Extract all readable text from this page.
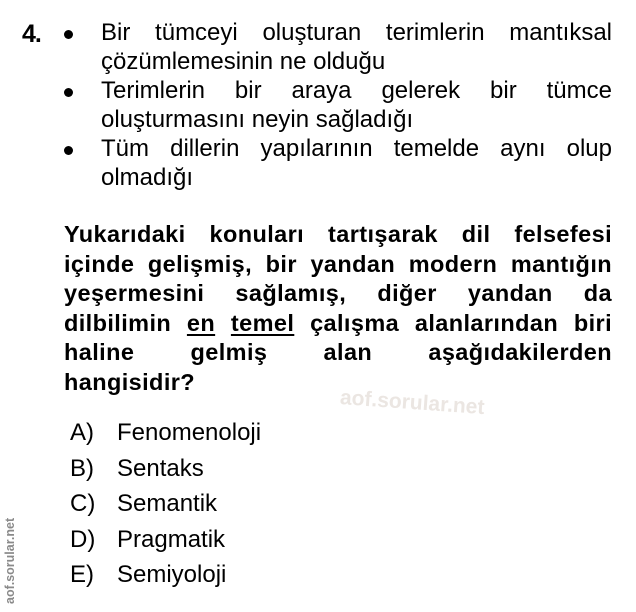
4.	Bir tümceyi oluşturan terimlerin mantıksal
çözümlemesinin ne olduğu
Terimlerin bir araya gelerek bir tümce
oluşturmasını neyin sağladığı
Tüm dillerin yapılarının temelde aynı olup
olmadığı
Yukarıdaki konuları tartışarak dil felsefesi
içinde gelişmiş, bir yandan modern mantığın
yeşermesini sağlamış, diğer yandan da
dilbilimin en temel çalışma alanlarından biri
haline gelmiş alan aşağıdakilerden
hangisidir?
aof.sorular.net
A) Fenomenoloji
B) Sentaks
C) Semantik
D) Pragmatik
E) Semiyoloji
aof.sorular.net
